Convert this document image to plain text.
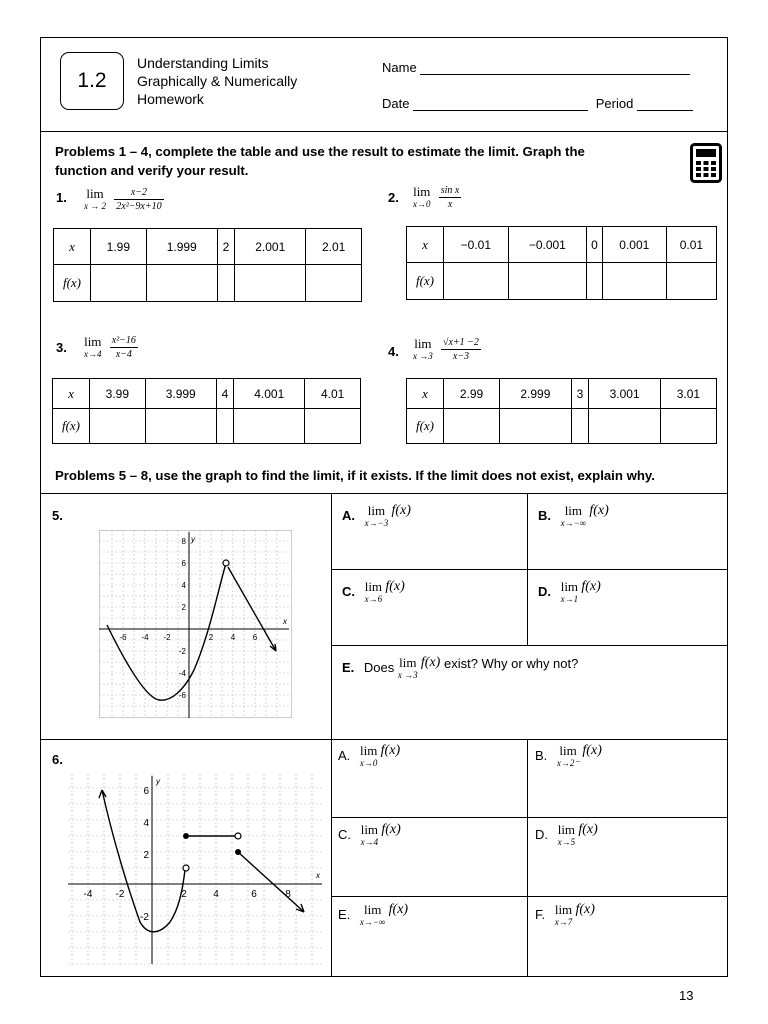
1.2
Understanding Limits
Graphically & Numerically
Homework
Name
Date	Period
Problems 1 – 4, complete the table and use the result to estimate the limit. Graph the
function and verify your result.
1. lim
x → 2
$\frac{x-2}{\text{2x²−9x+10}}$
x	1.99	1.999	2	2.001	2.01
f(x)					
2. lim
x→0
$\frac{\text{sin x}}{x}$
x	−0.01	−0.001	0	0.001	0.01
f(x)					
3. lim
x→4
$\frac{\text{x²−16}}{x-4}$
x	3.99	3.999	4	4.001	4.01
f(x)					
4.
lim
x →3
$\frac{√x+1 -2}{x-3}$
x	2.99	2.999	3	3.001	3.01
f(x)					
Problems 5 – 8, use the graph to find the limit, if it exists. If the limit does not exist, explain why.
5.
y
x
8
6
4
2
-2
-4
-6
-6 -4 -2	2 4 6
A. lim
x→−3
f(x)	B. lim
x→−∞
f(x)
C. lim
x→6
f(x)	D. lim
x→1
f(x)
E. Does lim
x →3
f(x) exist? Why or why not?
6.
y
x
6
4
2
-2
-4 -2	2	4	6	8
A. lim
x→0
f(x)	B. lim
x→2⁻
f(x)
C. lim
x→4
f(x)	D. lim
x→5
f(x)
E. lim
x→−∞
f(x)	F. lim
x→7
f(x)
13
